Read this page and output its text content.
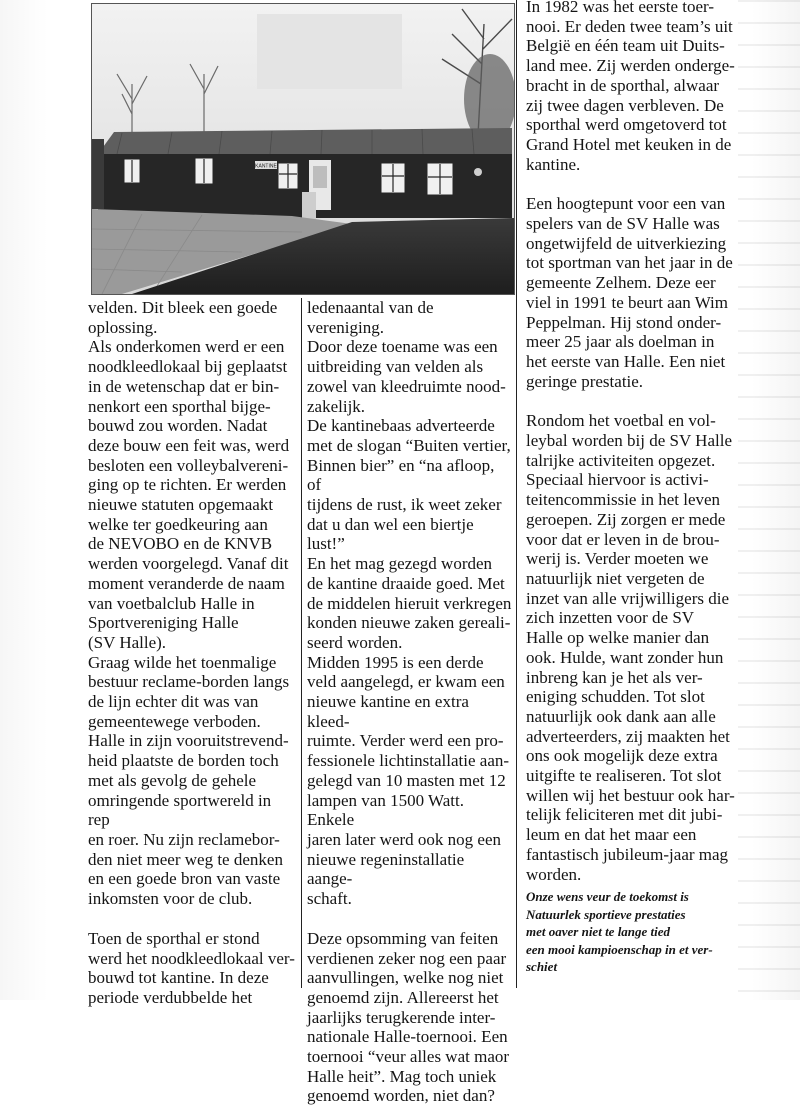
KANTINE

velden. Dit bleek een goede
oplossing.
Als onderkomen werd er een
noodkleedlokaal bij geplaatst
in de wetenschap dat er bin-
nenkort een sporthal bijge-
bouwd zou worden. Nadat
deze bouw een feit was, werd
besloten een volleybalvereni-
ging op te richten. Er werden
nieuwe statuten opgemaakt
welke ter goedkeuring aan
de NEVOBO en de KNVB
werden voorgelegd. Vanaf dit
moment veranderde de naam
van voetbalclub Halle in
Sportvereniging Halle
(SV Halle).
Graag wilde het toenmalige
bestuur reclame-borden langs
de lijn echter dit was van
gemeentewege verboden.
Halle in zijn vooruitstrevend-
heid plaatste de borden toch
met als gevolg de gehele
omringende sportwereld in rep
en roer. Nu zijn reclamebor-
den niet meer weg te denken
en een goede bron van vaste
inkomsten voor de club.

Toen de sporthal er stond
werd het noodkleedlokaal ver-
bouwd tot kantine. In deze
periode verdubbelde het

ledenaantal van de vereniging.
Door deze toename was een
uitbreiding van velden als
zowel van kleedruimte nood-
zakelijk.
De kantinebaas adverteerde
met de slogan “Buiten vertier,
Binnen bier” en “na afloop, of
tijdens de rust, ik weet zeker
dat u dan wel een biertje lust!”
En het mag gezegd worden
de kantine draaide goed. Met
de middelen hieruit verkregen
konden nieuwe zaken gereali-
seerd worden.
Midden 1995 is een derde
veld aangelegd, er kwam een
nieuwe kantine en extra kleed-
ruimte. Verder werd een pro-
fessionele lichtinstallatie aan-
gelegd van 10 masten met 12
lampen van 1500 Watt. Enkele
jaren later werd ook nog een
nieuwe regeninstallatie aange-
schaft.

Deze opsomming van feiten
verdienen zeker nog een paar
aanvullingen, welke nog niet
genoemd zijn. Allereerst het
jaarlijks terugkerende inter-
nationale Halle-toernooi. Een
toernooi “veur alles wat maor
Halle heit”. Mag toch uniek
genoemd worden, niet dan?

In 1982 was het eerste toer-
nooi. Er deden twee team’s uit
België en één team uit Duits-
land mee. Zij werden ondergе-
bracht in de sporthal, alwaar
zij twee dagen verbleven. De
sporthal werd omgetoverd tot
Grand Hotel met keuken in de
kantine.

Een hoogtepunt voor een van
spelers van de SV Halle was
ongetwijfeld de uitverkiezing
tot sportman van het jaar in de
gemeente Zelhem. Deze eer
viel in 1991 te beurt aan Wim
Peppelman. Hij stond onder-
meer 25 jaar als doelman in
het eerste van Halle. Een niet
geringe prestatie.

Rondom het voetbal en vol-
leybal worden bij de SV Halle
talrijke activiteiten opgezet.
Speciaal hiervoor is activi-
teitencommissie in het leven
geroepen. Zij zorgen er mede
voor dat er leven in de brou-
werij is. Verder moeten we
natuurlijk niet vergeten de
inzet van alle vrijwilligers die
zich inzetten voor de SV
Halle op welke manier dan
ook. Hulde, want zonder hun
inbreng kan je het als ver-
eniging schudden. Tot slot
natuurlijk ook dank aan alle
adverteerders, zij maakten het
ons ook mogelijk deze extra
uitgifte te realiseren. Tot slot
willen wij het bestuur ook har-
telijk feliciteren met dit jubi-
leum en dat het maar een
fantastisch jubileum-jaar mag
worden.

Onze wens veur de toekomst is
Natuurlek sportieve prestaties
met oaver niet te lange tied
een mooi kampioenschap in et ver-
schiet
